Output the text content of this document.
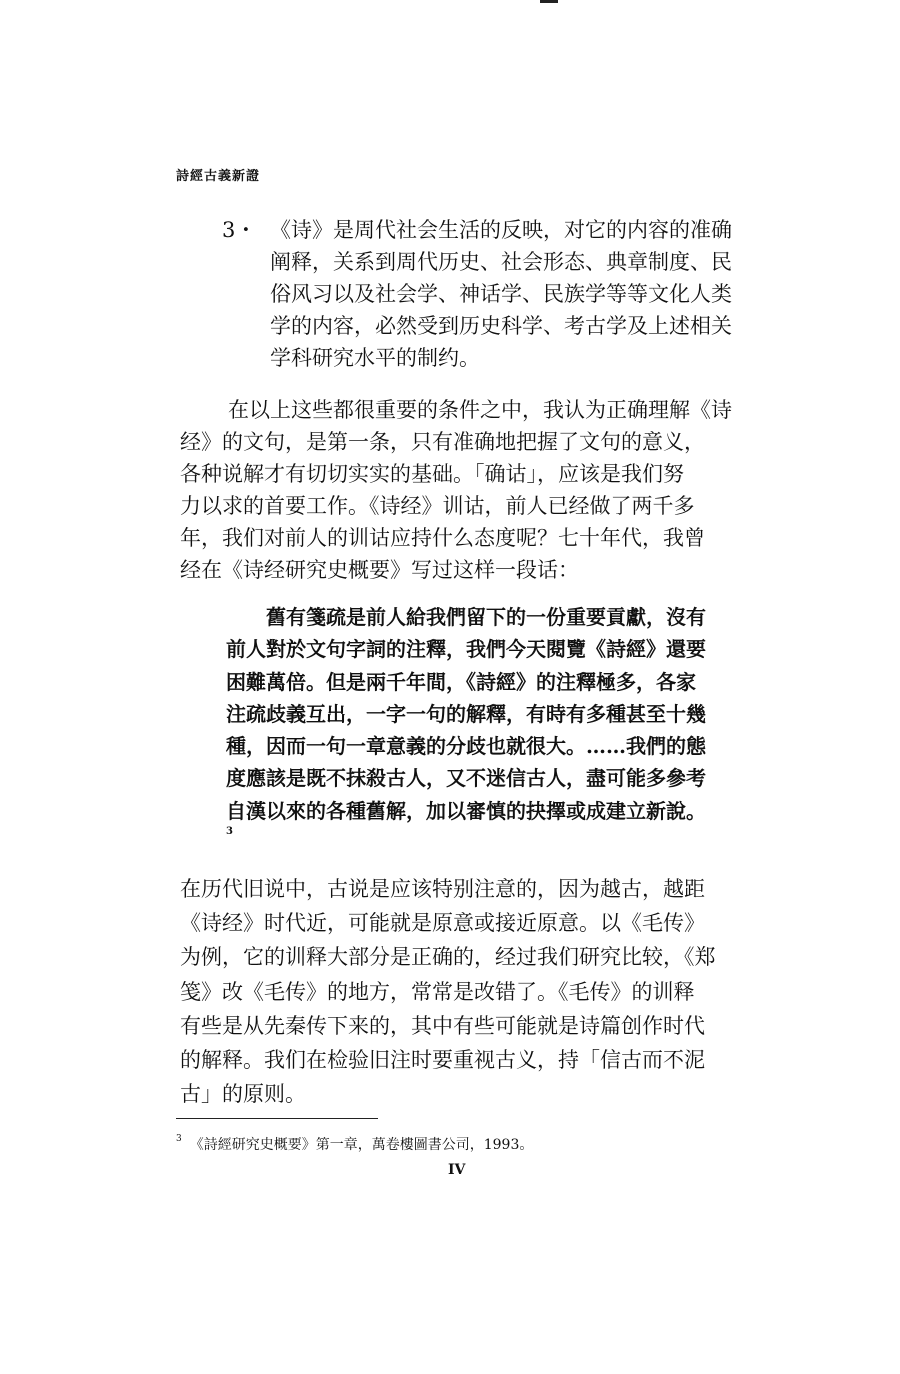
詩經古義新證
3・ 《诗》是周代社会生活的反映，对它的内容的准确
阐释，关系到周代历史、社会形态、典章制度、民
俗风习以及社会学、神话学、民族学等等文化人类
学的内容，必然受到历史科学、考古学及上述相关
学科研究水平的制约。
在以上这些都很重要的条件之中，我认为正确理解《诗
经》的文句，是第一条，只有准确地把握了文句的意义，
各种说解才有切切实实的基础。「确诂」，应该是我们努
力以求的首要工作。《诗经》训诂，前人已经做了两千多
年，我们对前人的训诂应持什么态度呢？七十年代，我曾
经在《诗经研究史概要》写过这样一段话：
舊有箋疏是前人給我們留下的一份重要貢獻，沒有
前人對於文句字詞的注釋，我們今天閱覽《詩經》還要
困難萬倍。但是兩千年間，《詩經》的注釋極多，各家
注疏歧義互出，一字一句的解釋，有時有多種甚至十幾
種，因而一句一章意義的分歧也就很大。……我們的態
度應該是既不抹殺古人，又不迷信古人，盡可能多參考
自漢以來的各種舊解，加以審慎的抉擇或成建立新說。
3
在历代旧说中，古说是应该特别注意的，因为越古，越距
《诗经》时代近，可能就是原意或接近原意。以《毛传》
为例，它的训释大部分是正确的，经过我们研究比较，《郑
笺》改《毛传》的地方，常常是改错了。《毛传》的训释
有些是从先秦传下来的，其中有些可能就是诗篇创作时代
的解释。我们在检验旧注时要重视古义，持「信古而不泥
古」的原则。
$^3$ 《詩經研究史概要》第一章，萬卷樓圖書公司，1993。
IV
